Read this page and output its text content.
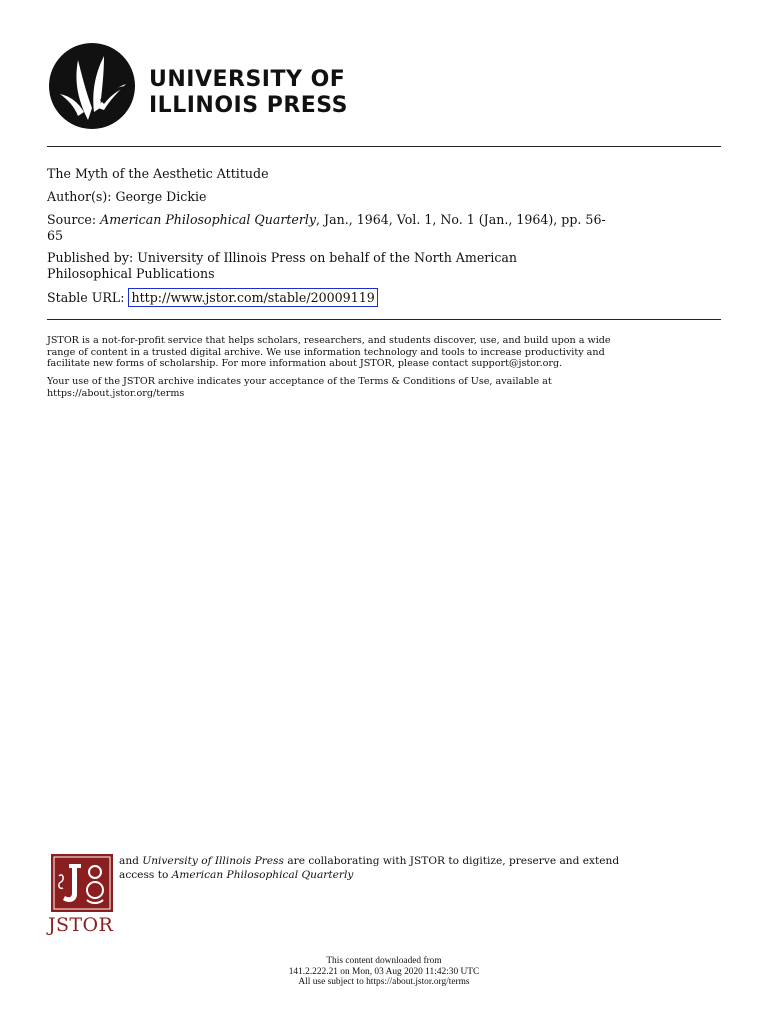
UNIVERSITY OF
ILLINOIS PRESS
The Myth of the Aesthetic Attitude
Author(s): George Dickie
Source: American Philosophical Quarterly, Jan., 1964, Vol. 1, No. 1 (Jan., 1964), pp. 56-
65
Published by: University of Illinois Press on behalf of the North American
Philosophical Publications
Stable URL: http://www.jstor.com/stable/20009119
JSTOR is a not-for-profit service that helps scholars, researchers, and students discover, use, and build upon a wide
range of content in a trusted digital archive. We use information technology and tools to increase productivity and
facilitate new forms of scholarship. For more information about JSTOR, please contact support@jstor.org.
Your use of the JSTOR archive indicates your acceptance of the Terms & Conditions of Use, available at
https://about.jstor.org/terms
JSTOR
and University of Illinois Press are collaborating with JSTOR to digitize, preserve and extend
access to American Philosophical Quarterly
This content downloaded from
141.2.222.21 on Mon, 03 Aug 2020 11:42:30 UTC
All use subject to https://about.jstor.org/terms
